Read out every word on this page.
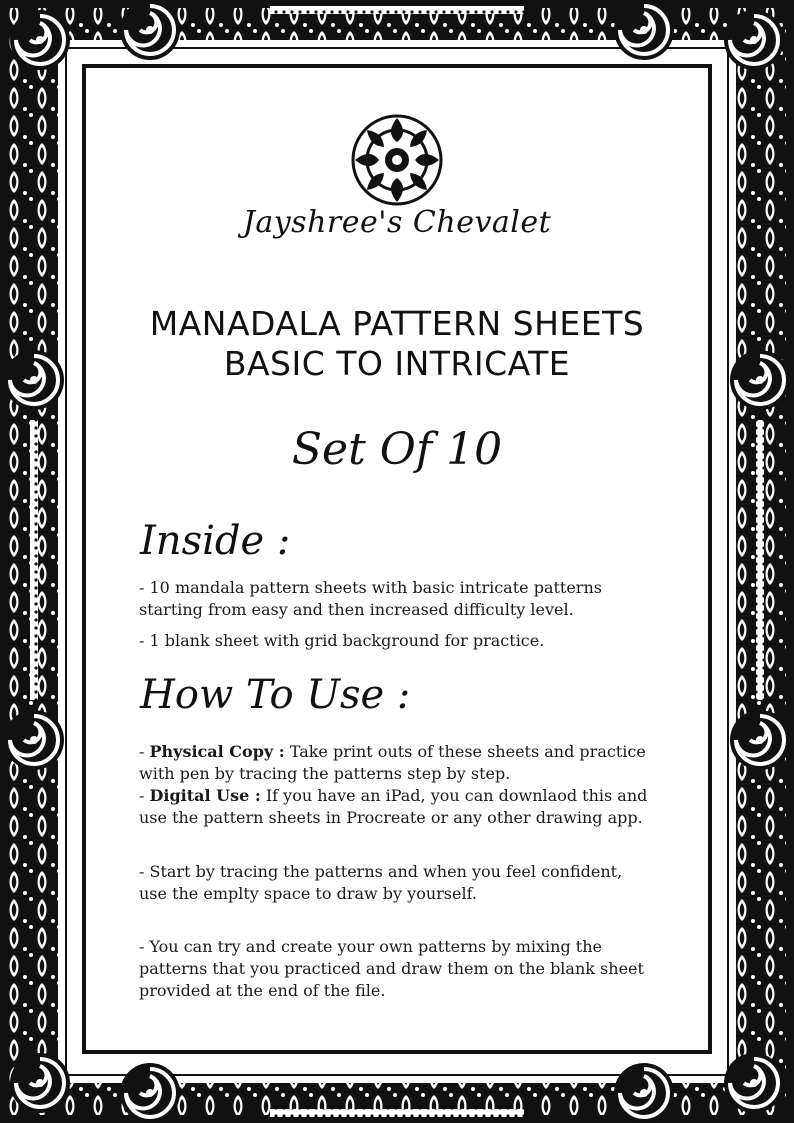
Jayshree's Chevalet
MANADALA PATTERN SHEETS
BASIC TO INTRICATE
Set Of 10
Inside :

- 10 mandala pattern sheets with basic intricate patterns
starting from easy and then increased difficulty level.

- 1 blank sheet with grid background for practice.

How To Use :

- Physical Copy : Take print outs of these sheets and practice
with pen by tracing the patterns step by step.
- Digital Use : If you have an iPad, you can downlaod this and
use the pattern sheets in Procreate or any other drawing app.

- Start by tracing the patterns and when you feel confident,
use the emplty space to draw by yourself.

- You can try and create your own patterns by mixing the
patterns that you practiced and draw them on the blank sheet
provided at the end of the file.
